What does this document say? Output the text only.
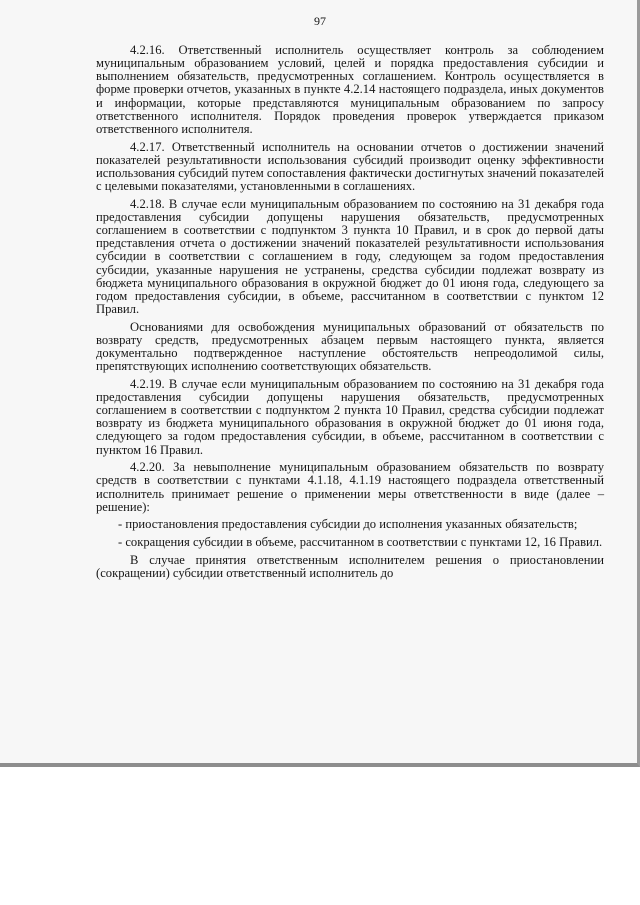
97

4.2.16. Ответственный исполнитель осуществляет контроль за соблюдением муниципальным образованием условий, целей и порядка предоставления субсидии и выполнением обязательств, предусмотренных соглашением. Контроль осуществляется в форме проверки отчетов, указанных в пункте 4.2.14 настоящего подраздела, иных документов и информации, которые представляются муниципальным образованием по запросу ответственного исполнителя. Порядок проведения проверок утверждается приказом ответственного исполнителя.

4.2.17. Ответственный исполнитель на основании отчетов о достижении значений показателей результативности использования субсидий производит оценку эффективности использования субсидий путем сопоставления фактически достигнутых значений показателей с целевыми показателями, установленными в соглашениях.

4.2.18. В случае если муниципальным образованием по состоянию на 31 декабря года предоставления субсидии допущены нарушения обязательств, предусмотренных соглашением в соответствии с подпунктом 3 пункта 10 Правил, и в срок до первой даты представления отчета о достижении значений показателей результативности использования субсидии в соответствии с соглашением в году, следующем за годом предоставления субсидии, указанные нарушения не устранены, средства субсидии подлежат возврату из бюджета муниципального образования в окружной бюджет до 01 июня года, следующего за годом предоставления субсидии, в объеме, рассчитанном в соответствии с пунктом 12 Правил.

Основаниями для освобождения муниципальных образований от обязательств по возврату средств, предусмотренных абзацем первым настоящего пункта, является документально подтвержденное наступление обстоятельств непреодолимой силы, препятствующих исполнению соответствующих обязательств.

4.2.19. В случае если муниципальным образованием по состоянию на 31 декабря года предоставления субсидии допущены нарушения обязательств, предусмотренных соглашением в соответствии с подпунктом 2 пункта 10 Правил, средства субсидии подлежат возврату из бюджета муниципального образования в окружной бюджет до 01 июня года, следующего за годом предоставления субсидии, в объеме, рассчитанном в соответствии с пунктом 16 Правил.

4.2.20. За невыполнение муниципальным образованием обязательств по возврату средств в соответствии с пунктами 4.1.18, 4.1.19 настоящего подраздела ответственный исполнитель принимает решение о применении меры ответственности в виде (далее – решение):

- приостановления предоставления субсидии до исполнения указанных обязательств;

- сокращения субсидии в объеме, рассчитанном в соответствии с пунктами 12, 16 Правил.

В случае принятия ответственным исполнителем решения о приостановлении (сокращении) субсидии ответственный исполнитель до
